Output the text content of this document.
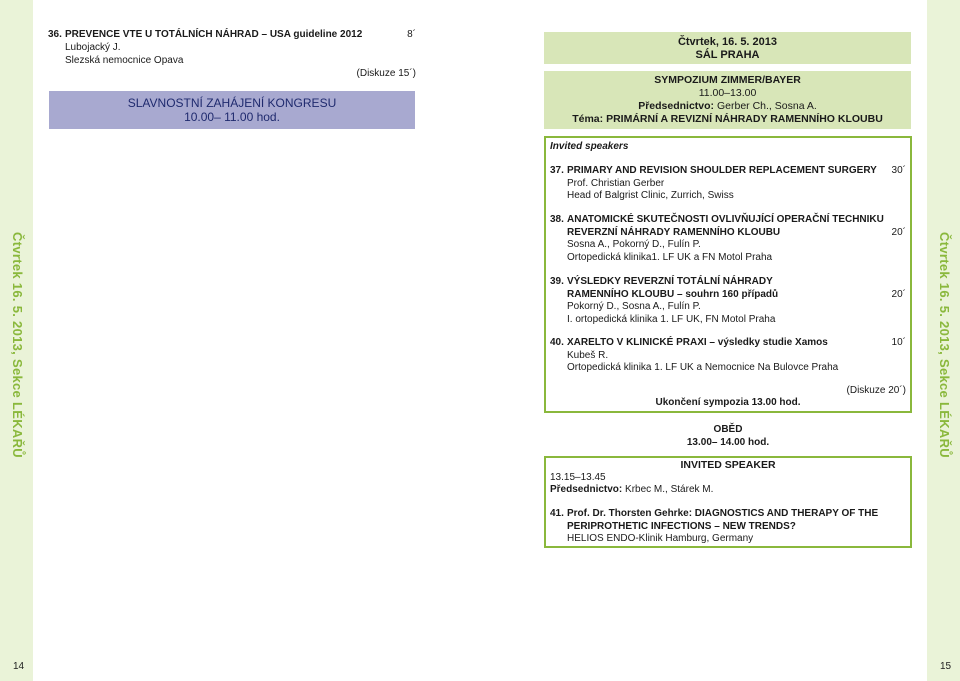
Čtvrtek 16. 5. 2013, Sekce LÉKAŘŮ	Čtvrtek 16. 5. 2013, Sekce LÉKAŘŮ
14	15
36. PREVENCE VTE U TOTÁLNÍCH NÁHRAD – USA guideline 2012	8´
Lubojacký J.
Slezská nemocnice Opava
(Diskuze 15´)
SLAVNOSTNÍ ZAHÁJENÍ KONGRESU
10.00– 11.00 hod.
Čtvrtek, 16. 5. 2013
SÁL PRAHA
SYMPOZIUM ZIMMER/BAYER
11.00–13.00
Předsednictvo: Gerber Ch., Sosna A.
Téma: PRIMÁRNÍ A REVIZNÍ NÁHRADY RAMENNÍHO KLOUBU
Invited speakers
37. PRIMARY AND REVISION SHOULDER REPLACEMENT SURGERY
Prof. Christian Gerber
Head of Balgrist Clinic, Zurrich, Swiss
30´
38. ANATOMICKÉ SKUTEČNOSTI OVLIVŇUJÍCÍ OPERAČNÍ TECHNIKU
REVERZNÍ NÁHRADY RAMENNÍHO KLOUBU
Sosna A., Pokorný D., Fulín P.
Ortopedická klinika1. LF UK a FN Motol Praha
20´
39. VÝSLEDKY REVERZNÍ TOTÁLNÍ NÁHRADY
RAMENNÍHO KLOUBU – souhrn 160 případů
Pokorný D., Sosna A., Fulín P.
I. ortopedická klinika 1. LF UK, FN Motol Praha
20´
40. XARELTO V KLINICKÉ PRAXI – výsledky studie Xamos
Kubeš R.
Ortopedická klinika 1. LF UK a Nemocnice Na Bulovce Praha
10´
(Diskuze 20´)
Ukončení sympozia 13.00 hod.
OBĚD
13.00– 14.00 hod.
INVITED SPEAKER
13.15–13.45
Předsednictvo: Krbec M., Stárek M.
41. Prof. Dr. Thorsten Gehrke: DIAGNOSTICS AND THERAPY OF THE
PERIPROTHETIC INFECTIONS – NEW TRENDS?
HELIOS ENDO-Klinik Hamburg, Germany
